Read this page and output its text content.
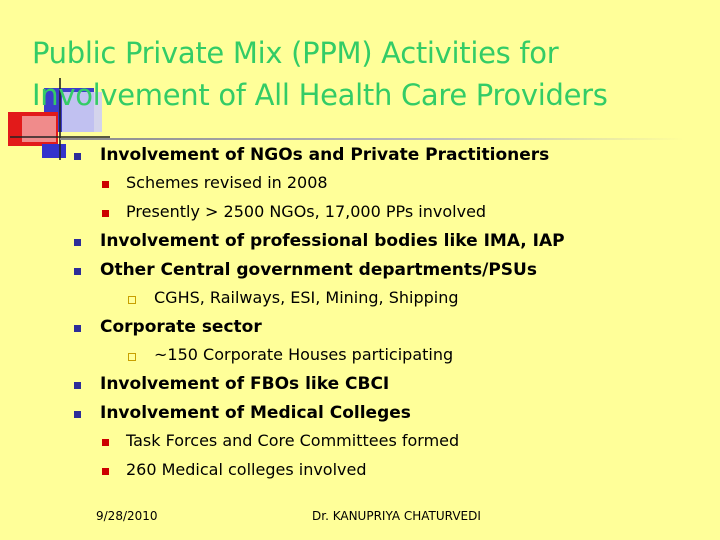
Public Private Mix (PPM) Activities for
Involvement of All Health Care Providers
Involvement of NGOs and Private Practitioners
Schemes revised in 2008
Presently > 2500 NGOs, 17,000 PPs involved
Involvement of professional bodies like IMA, IAP
Other Central government departments/PSUs
CGHS, Railways, ESI, Mining, Shipping
Corporate sector
~150 Corporate Houses participating
Involvement of FBOs like CBCI
Involvement of Medical Colleges
Task Forces and Core Committees formed
260 Medical colleges involved
9/28/2010	Dr. KANUPRIYA CHATURVEDI
